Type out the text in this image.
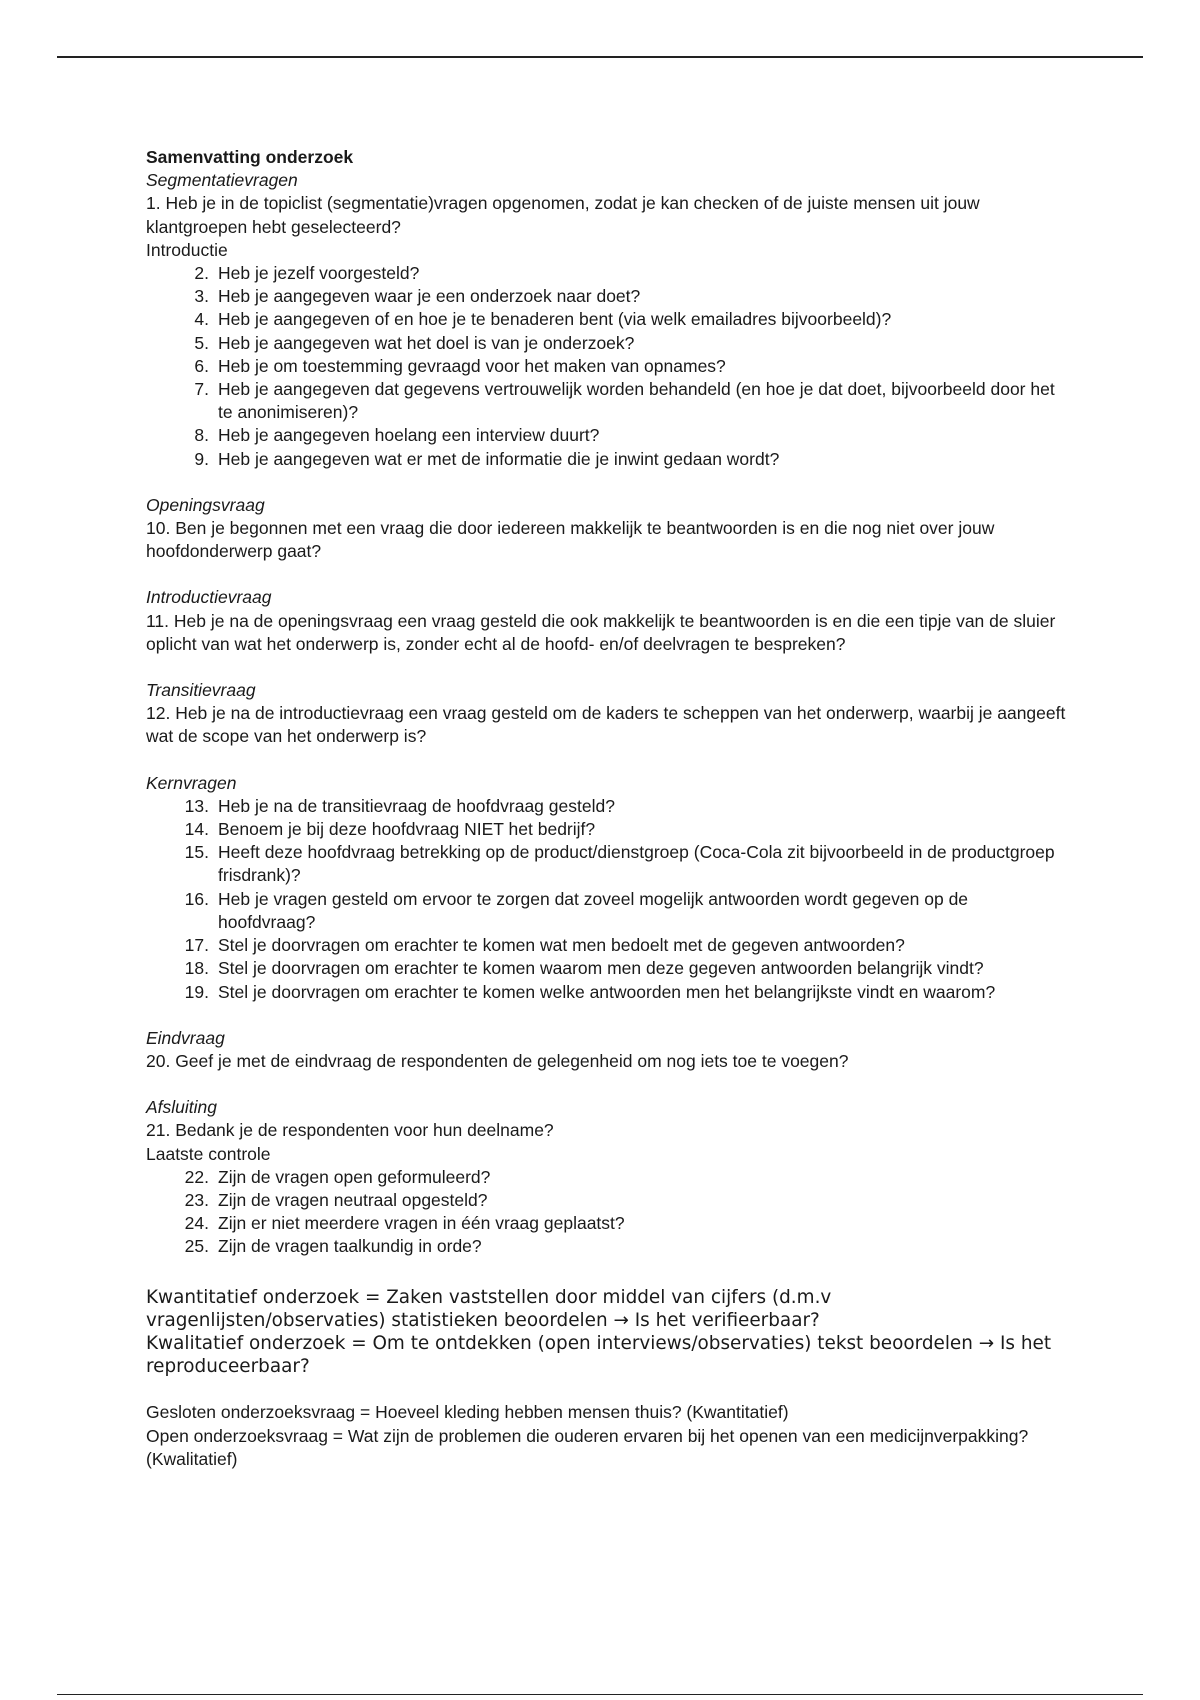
Samenvatting onderzoek
Segmentatievragen
1. Heb je in de topiclist (segmentatie)vragen opgenomen, zodat je kan checken of de juiste mensen uit jouw klantgroepen hebt geselecteerd?
Introductie
2. Heb je jezelf voorgesteld?
3. Heb je aangegeven waar je een onderzoek naar doet?
4. Heb je aangegeven of en hoe je te benaderen bent (via welk emailadres bijvoorbeeld)?
5. Heb je aangegeven wat het doel is van je onderzoek?
6. Heb je om toestemming gevraagd voor het maken van opnames?
7. Heb je aangegeven dat gegevens vertrouwelijk worden behandeld (en hoe je dat doet, bijvoorbeeld door het te anonimiseren)?
8. Heb je aangegeven hoelang een interview duurt?
9. Heb je aangegeven wat er met de informatie die je inwint gedaan wordt?
Openingsvraag
10. Ben je begonnen met een vraag die door iedereen makkelijk te beantwoorden is en die nog niet over jouw hoofdonderwerp gaat?
Introductievraag
11. Heb je na de openingsvraag een vraag gesteld die ook makkelijk te beantwoorden is en die een tipje van de sluier oplicht van wat het onderwerp is, zonder echt al de hoofd- en/of deelvragen te bespreken?
Transitievraag
12. Heb je na de introductievraag een vraag gesteld om de kaders te scheppen van het onderwerp, waarbij je aangeeft wat de scope van het onderwerp is?
Kernvragen
13. Heb je na de transitievraag de hoofdvraag gesteld?
14. Benoem je bij deze hoofdvraag NIET het bedrijf?
15. Heeft deze hoofdvraag betrekking op de product/dienstgroep (Coca-Cola zit bijvoorbeeld in de productgroep frisdrank)?
16. Heb je vragen gesteld om ervoor te zorgen dat zoveel mogelijk antwoorden wordt gegeven op de hoofdvraag?
17. Stel je doorvragen om erachter te komen wat men bedoelt met de gegeven antwoorden?
18. Stel je doorvragen om erachter te komen waarom men deze gegeven antwoorden belangrijk vindt?
19. Stel je doorvragen om erachter te komen welke antwoorden men het belangrijkste vindt en waarom?
Eindvraag
20. Geef je met de eindvraag de respondenten de gelegenheid om nog iets toe te voegen?
Afsluiting
21. Bedank je de respondenten voor hun deelname?
Laatste controle
22. Zijn de vragen open geformuleerd?
23. Zijn de vragen neutraal opgesteld?
24. Zijn er niet meerdere vragen in één vraag geplaatst?
25. Zijn de vragen taalkundig in orde?
Kwantitatief onderzoek = Zaken vaststellen door middel van cijfers (d.m.v vragenlijsten/observaties) statistieken beoordelen → Is het verifieerbaar?
Kwalitatief onderzoek = Om te ontdekken (open interviews/observaties) tekst beoordelen → Is het reproduceerbaar?
Gesloten onderzoeksvraag = Hoeveel kleding hebben mensen thuis? (Kwantitatief)
Open onderzoeksvraag = Wat zijn de problemen die ouderen ervaren bij het openen van een medicijnverpakking? (Kwalitatief)
